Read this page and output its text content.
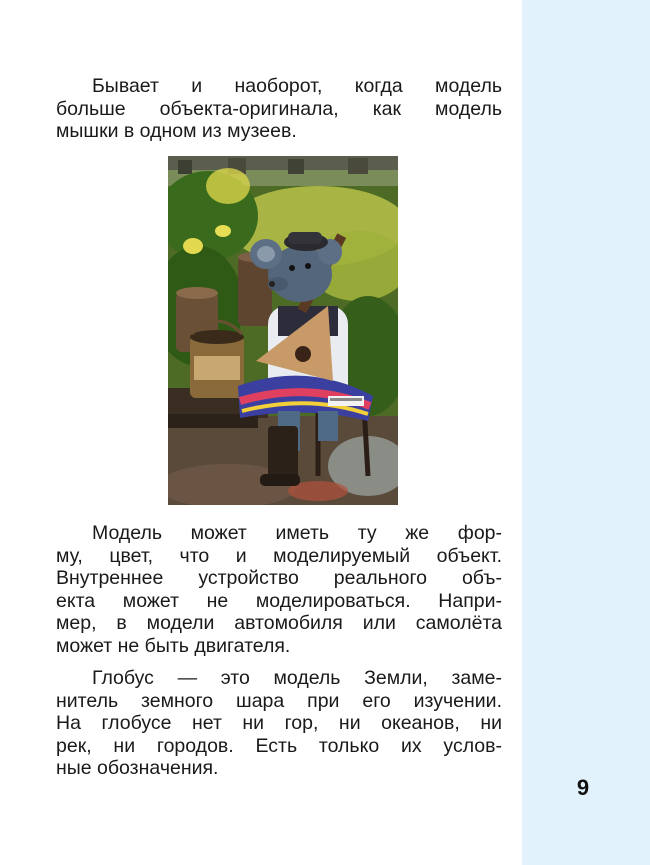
Бывает и наоборот, когда модель
больше объекта-оригинала, как модель
мышки в одном из музеев.
Модель может иметь ту же фор-
му, цвет, что и моделируемый объект.
Внутреннее устройство реального объ-
екта может не моделироваться. Напри-
мер, в модели автомобиля или самолёта
может не быть двигателя.
Глобус — это модель Земли, заме-
нитель земного шара при его изучении.
На глобусе нет ни гор, ни океанов, ни
рек, ни городов. Есть только их услов-
ные обозначения.
9
